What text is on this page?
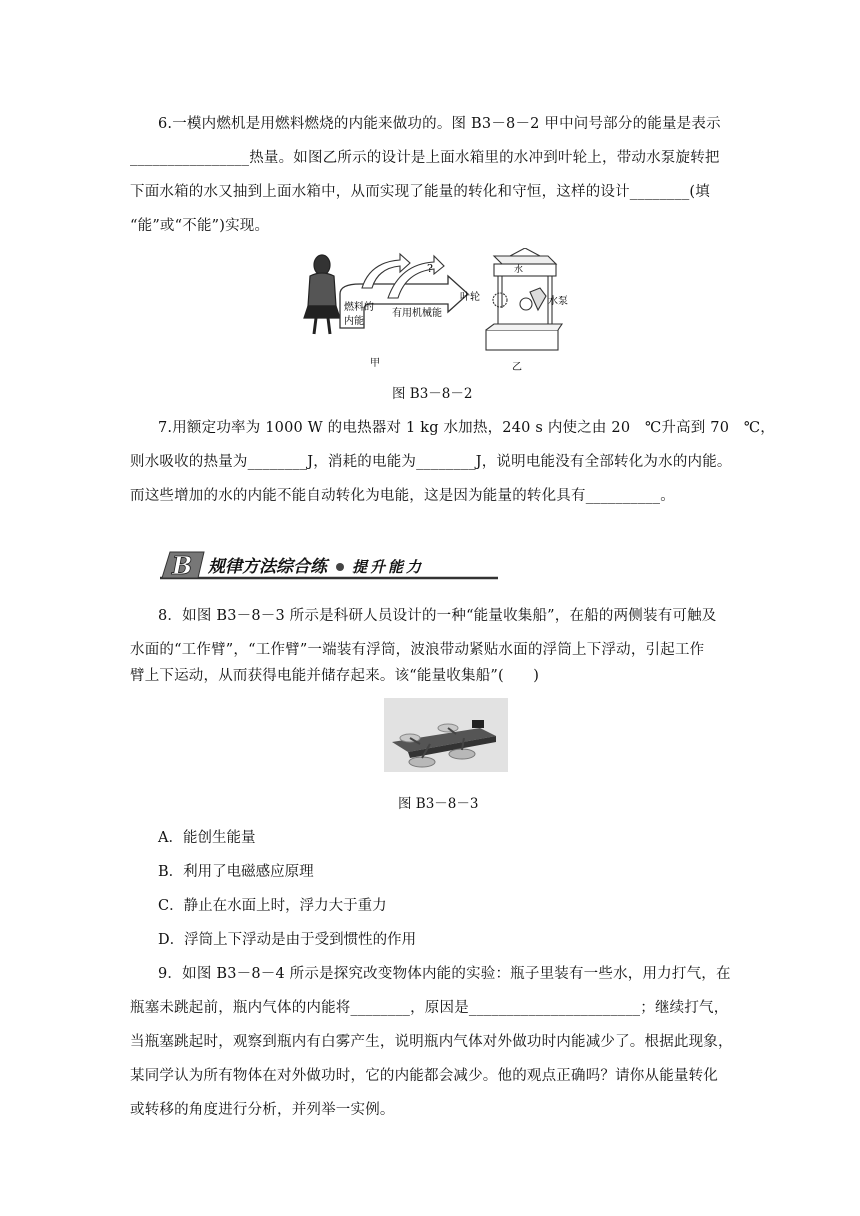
6.一模内燃机是用燃料燃烧的内能来做功的。图 B3－8－2 甲中问号部分的能量是表示
________________热量。如图乙所示的设计是上面水箱里的水冲到叶轮上，带动水泵旋转把
下面水箱的水又抽到上面水箱中，从而实现了能量的转化和守恒，这样的设计________(填
“能”或“不能”)实现。
?
燃料的
内能
有用机械能
甲
水
叶轮	水泵
乙
图 B3－8－2
7.用额定功率为 1000 W 的电热器对 1 kg 水加热，240 s 内使之由 20　℃升高到 70　℃，
则水吸收的热量为________J，消耗的电能为________J，说明电能没有全部转化为水的内能。
而这些增加的水的内能不能自动转化为电能，这是因为能量的转化具有__________。
B 规律方法综合练 提升能力
8．如图 B3－8－3 所示是科研人员设计的一种“能量收集船”，在船的两侧装有可触及
水面的“工作臂”，“工作臂”一端装有浮筒，波浪带动紧贴水面的浮筒上下浮动，引起工作
臂上下运动，从而获得电能并储存起来。该“能量收集船”(　　)
图 B3－8－3
A．能创生能量
B．利用了电磁感应原理
C．静止在水面上时，浮力大于重力
D．浮筒上下浮动是由于受到惯性的作用
9．如图 B3－8－4 所示是探究改变物体内能的实验：瓶子里装有一些水，用力打气，在
瓶塞未跳起前，瓶内气体的内能将________，原因是_______________________；继续打气，
当瓶塞跳起时，观察到瓶内有白雾产生，说明瓶内气体对外做功时内能减少了。根据此现象，
某同学认为所有物体在对外做功时，它的内能都会减少。他的观点正确吗？请你从能量转化
或转移的角度进行分析，并列举一实例。
